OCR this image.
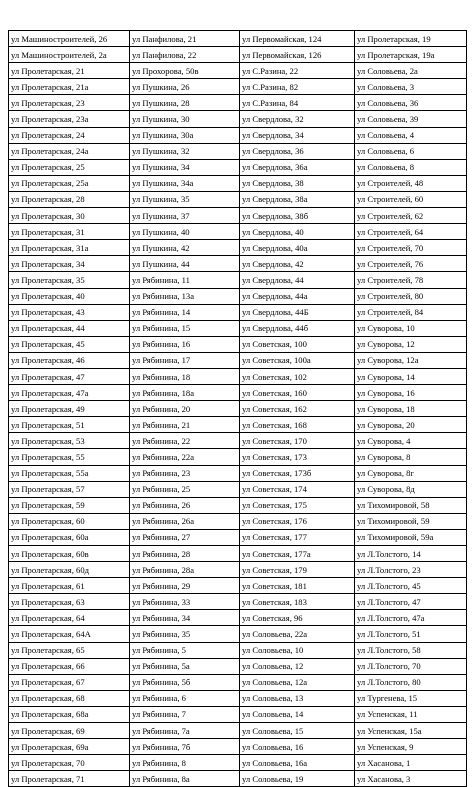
ул Машиностроителей, 26	ул Панфилова, 21	ул Первомайская, 124	ул Пролетарская, 19
ул Машиностроителей, 2а	ул Панфилова, 22	ул Первомайская, 126	ул Пролетарская, 19а
ул Пролетарская, 21	ул Прохорова, 50в	ул С.Разина, 22	ул Соловьева, 2а
ул Пролетарская, 21а	ул Пушкина, 26	ул С.Разина, 82	ул Соловьева, 3
ул Пролетарская, 23	ул Пушкина, 28	ул С.Разина, 84	ул Соловьева, 36
ул Пролетарская, 23а	ул Пушкина, 30	ул Свердлова, 32	ул Соловьева, 39
ул Пролетарская, 24	ул Пушкина, 30а	ул Свердлова, 34	ул Соловьева, 4
ул Пролетарская, 24а	ул Пушкина, 32	ул Свердлова, 36	ул Соловьева, 6
ул Пролетарская, 25	ул Пушкина, 34	ул Свердлова, 36а	ул Соловьева, 8
ул Пролетарская, 25а	ул Пушкина, 34а	ул Свердлова, 38	ул Строителей, 48
ул Пролетарская, 28	ул Пушкина, 35	ул Свердлова, 38а	ул Строителей, 60
ул Пролетарская, 30	ул Пушкина, 37	ул Свердлова, 38б	ул Строителей, 62
ул Пролетарская, 31	ул Пушкина, 40	ул Свердлова, 40	ул Строителей, 64
ул Пролетарская, 31а	ул Пушкина, 42	ул Свердлова, 40а	ул Строителей, 70
ул Пролетарская, 34	ул Пушкина, 44	ул Свердлова, 42	ул Строителей, 76
ул Пролетарская, 35	ул Рябинина, 11	ул Свердлова, 44	ул Строителей, 78
ул Пролетарская, 40	ул Рябинина, 13а	ул Свердлова, 44а	ул Строителей, 80
ул Пролетарская, 43	ул Рябинина, 14	ул Свердлова, 44Б	ул Строителей, 84
ул Пролетарская, 44	ул Рябинина, 15	ул Свердлова, 44б	ул Суворова, 10
ул Пролетарская, 45	ул Рябинина, 16	ул Советская, 100	ул Суворова, 12
ул Пролетарская, 46	ул Рябинина, 17	ул Советская, 100а	ул Суворова, 12а
ул Пролетарская, 47	ул Рябинина, 18	ул Советская, 102	ул Суворова, 14
ул Пролетарская, 47а	ул Рябинина, 18а	ул Советская, 160	ул Суворова, 16
ул Пролетарская, 49	ул Рябинина, 20	ул Советская, 162	ул Суворова, 18
ул Пролетарская, 51	ул Рябинина, 21	ул Советская, 168	ул Суворова, 20
ул Пролетарская, 53	ул Рябинина, 22	ул Советская, 170	ул Суворова, 4
ул Пролетарская, 55	ул Рябинина, 22а	ул Советская, 173	ул Суворова, 8
ул Пролетарская, 55а	ул Рябинина, 23	ул Советская, 173б	ул Суворова, 8г
ул Пролетарская, 57	ул Рябинина, 25	ул Советская, 174	ул Суворова, 8д
ул Пролетарская, 59	ул Рябинина, 26	ул Советская, 175	ул Тихомировой, 58
ул Пролетарская, 60	ул Рябинина, 26а	ул Советская, 176	ул Тихомировой, 59
ул Пролетарская, 60а	ул Рябинина, 27	ул Советская, 177	ул Тихомировой, 59а
ул Пролетарская, 60в	ул Рябинина, 28	ул Советская, 177а	ул Л.Толстого, 14
ул Пролетарская, 60д	ул Рябинина, 28а	ул Советская, 179	ул Л.Толстого, 23
ул Пролетарская, 61	ул Рябинина, 29	ул Советская, 181	ул Л.Толстого, 45
ул Пролетарская, 63	ул Рябинина, 33	ул Советская, 183	ул Л.Толстого, 47
ул Пролетарская, 64	ул Рябинина, 34	ул Советская, 96	ул Л.Толстого, 47а
ул Пролетарская, 64А	ул Рябинина, 35	ул Соловьева, 22а	ул Л.Толстого, 51
ул Пролетарская, 65	ул Рябинина, 5	ул Соловьева, 10	ул Л.Толстого, 58
ул Пролетарская, 66	ул Рябинина, 5а	ул Соловьева, 12	ул Л.Толстого, 70
ул Пролетарская, 67	ул Рябинина, 5б	ул Соловьева, 12а	ул Л.Толстого, 80
ул Пролетарская, 68	ул Рябинина, 6	ул Соловьева, 13	ул Тургенева, 15
ул Пролетарская, 68а	ул Рябинина, 7	ул Соловьева, 14	ул Успенская, 11
ул Пролетарская, 69	ул Рябинина, 7а	ул Соловьева, 15	ул Успенская, 15а
ул Пролетарская, 69а	ул Рябинина, 7б	ул Соловьева, 16	ул Успенская, 9
ул Пролетарская, 70	ул Рябинина, 8	ул Соловьева, 16а	ул Хасанова, 1
ул Пролетарская, 71	ул Рябинина, 8а	ул Соловьева, 19	ул Хасанова, 3
